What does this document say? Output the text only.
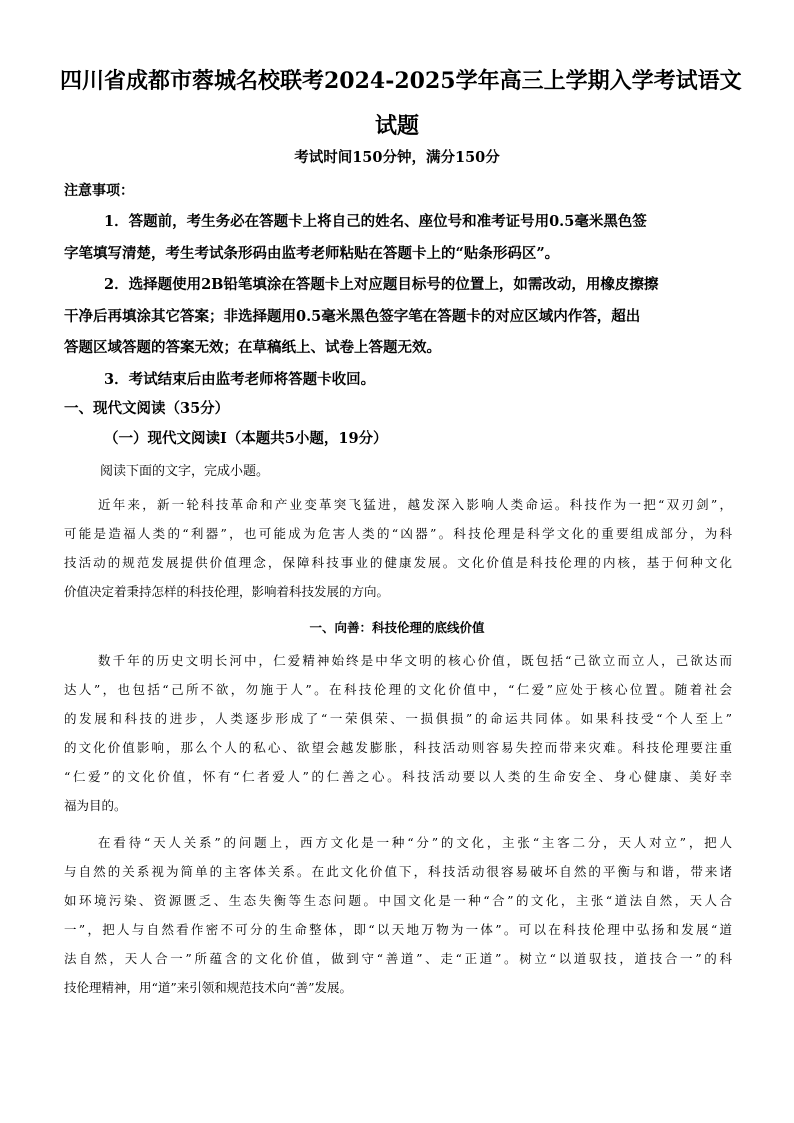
四川省成都市蓉城名校联考2024-2025学年高三上学期入学考试语文
试题
考试时间150分钟，满分150分
注意事项：
1．答题前，考生务必在答题卡上将自己的姓名、座位号和准考证号用0.5毫米黑色签
字笔填写清楚，考生考试条形码由监考老师粘贴在答题卡上的“贴条形码区”。
2．选择题使用2B铅笔填涂在答题卡上对应题目标号的位置上，如需改动，用橡皮擦擦
干净后再填涂其它答案；非选择题用0.5毫米黑色签字笔在答题卡的对应区域内作答，超出
答题区域答题的答案无效；在草稿纸上、试卷上答题无效。
3．考试结束后由监考老师将答题卡收回。
一、现代文阅读（35分）
（一）现代文阅读Ⅰ（本题共5小题，19分）
阅读下面的文字，完成小题。
近年来，新一轮科技革命和产业变革突飞猛进，越发深入影响人类命运。科技作为一把“双刃剑”，
可能是造福人类的“利器”，也可能成为危害人类的“凶器”。科技伦理是科学文化的重要组成部分，为科
技活动的规范发展提供价值理念，保障科技事业的健康发展。文化价值是科技伦理的内核，基于何种文化
价值决定着秉持怎样的科技伦理，影响着科技发展的方向。
一、向善：科技伦理的底线价值
数千年的历史文明长河中，仁爱精神始终是中华文明的核心价值，既包括“己欲立而立人，己欲达而
达人”，也包括“己所不欲，勿施于人”。在科技伦理的文化价值中，“仁爱”应处于核心位置。随着社会
的发展和科技的进步，人类逐步形成了“一荣俱荣、一损俱损”的命运共同体。如果科技受“个人至上”
的文化价值影响，那么个人的私心、欲望会越发膨胀，科技活动则容易失控而带来灾难。科技伦理要注重
“仁爱”的文化价值，怀有“仁者爱人”的仁善之心。科技活动要以人类的生命安全、身心健康、美好幸
福为目的。
在看待“天人关系”的问题上，西方文化是一种“分”的文化，主张“主客二分，天人对立”，把人
与自然的关系视为简单的主客体关系。在此文化价值下，科技活动很容易破坏自然的平衡与和谐，带来诸
如环境污染、资源匮乏、生态失衡等生态问题。中国文化是一种“合”的文化，主张“道法自然，天人合
一”，把人与自然看作密不可分的生命整体，即“以天地万物为一体”。可以在科技伦理中弘扬和发展“道
法自然，天人合一”所蕴含的文化价值，做到守“善道”、走“正道”。树立“以道驭技，道技合一”的科
技伦理精神，用“道”来引领和规范技术向“善”发展。
